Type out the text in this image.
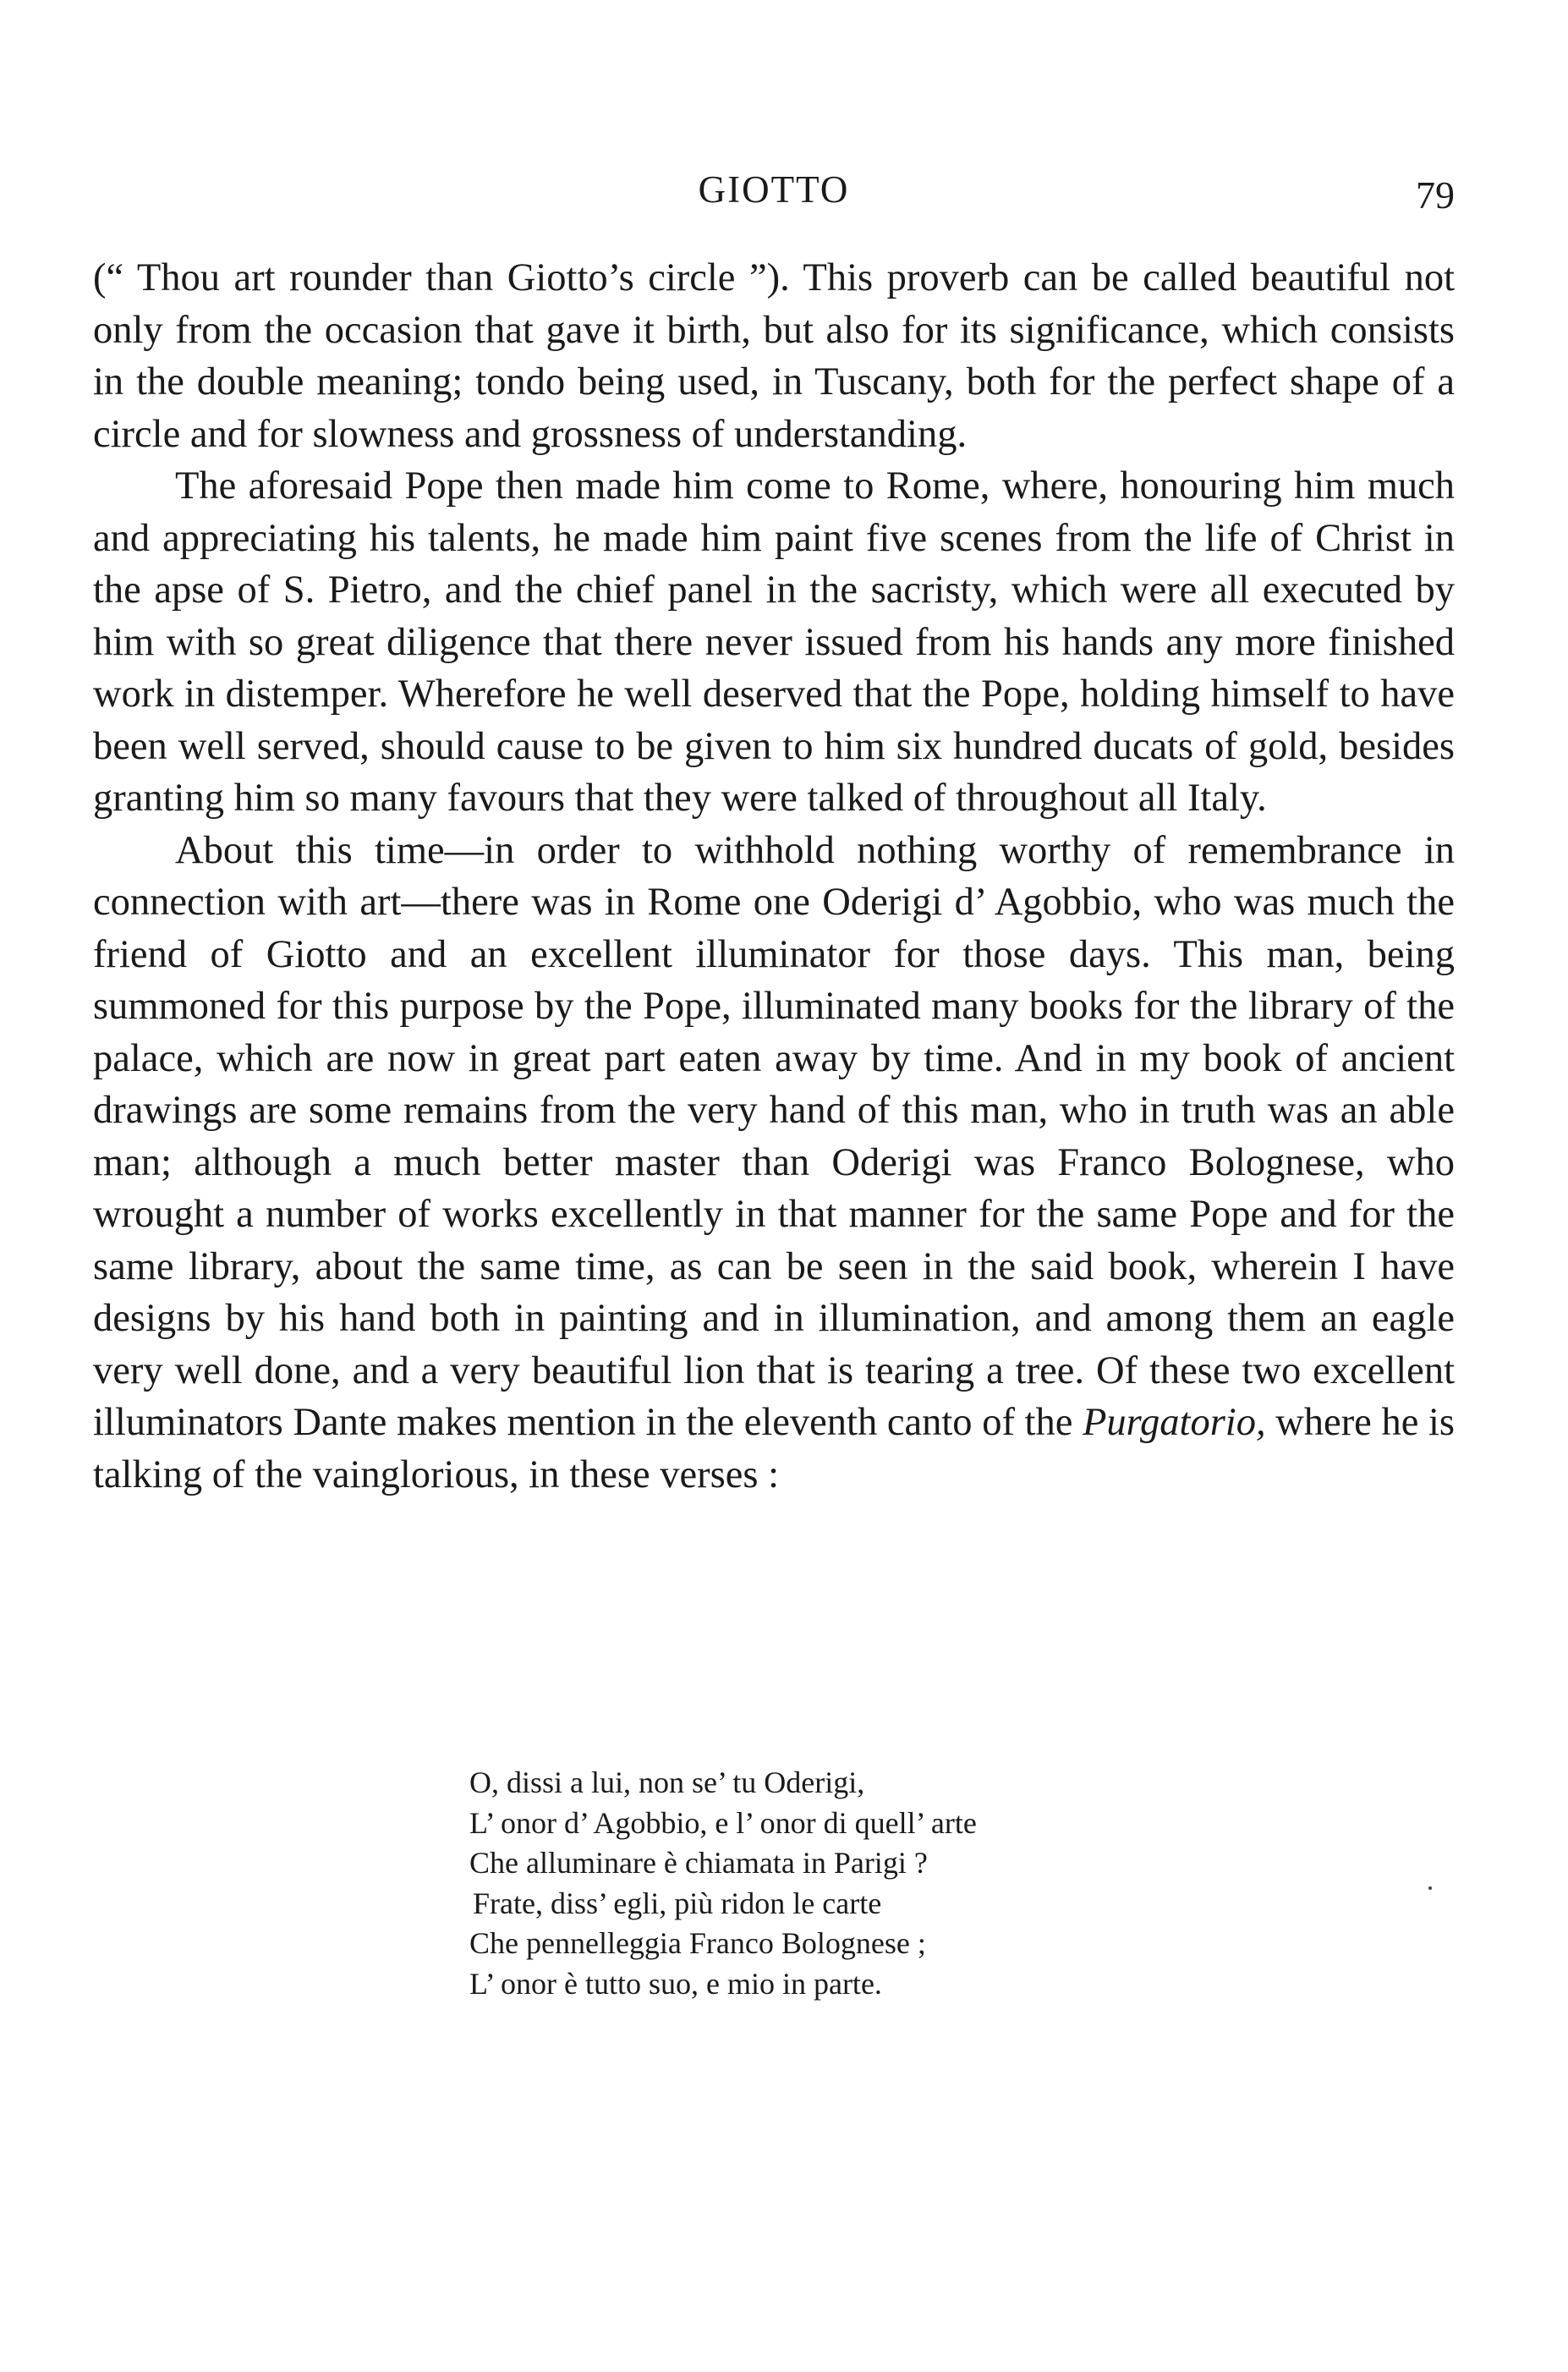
GIOTTO	79

(“ Thou art rounder than Giotto’s circle ”). This proverb can be called beautiful not only from the occasion that gave it birth, but also for its significance, which consists in the double meaning; tondo being used, in Tuscany, both for the perfect shape of a circle and for slowness and grossness of understanding.

The aforesaid Pope then made him come to Rome, where, honouring him much and appreciating his talents, he made him paint five scenes from the life of Christ in the apse of S. Pietro, and the chief panel in the sacristy, which were all executed by him with so great diligence that there never issued from his hands any more finished work in distemper. Wherefore he well deserved that the Pope, holding himself to have been well served, should cause to be given to him six hundred ducats of gold, besides granting him so many favours that they were talked of throughout all Italy.

About this time—in order to withhold nothing worthy of remembrance in connection with art—there was in Rome one Oderigi d’ Agobbio, who was much the friend of Giotto and an excellent illuminator for those days. This man, being summoned for this purpose by the Pope, illuminated many books for the library of the palace, which are now in great part eaten away by time. And in my book of ancient drawings are some remains from the very hand of this man, who in truth was an able man; although a much better master than Oderigi was Franco Bolognese, who wrought a number of works excellently in that manner for the same Pope and for the same library, about the same time, as can be seen in the said book, wherein I have designs by his hand both in painting and in illumination, and among them an eagle very well done, and a very beautiful lion that is tearing a tree. Of these two excellent illuminators Dante makes mention in the eleventh canto of the Purgatorio, where he is talking of the vainglorious, in these verses :

O, dissi a lui, non se’ tu Oderigi,
L’ onor d’ Agobbio, e l’ onor di quell’ arte
Che alluminare è chiamata in Parigi ?
Frate, diss’ egli, più ridon le carte
Che pennelleggia Franco Bolognese ;
L’ onor è tutto suo, e mio in parte.
